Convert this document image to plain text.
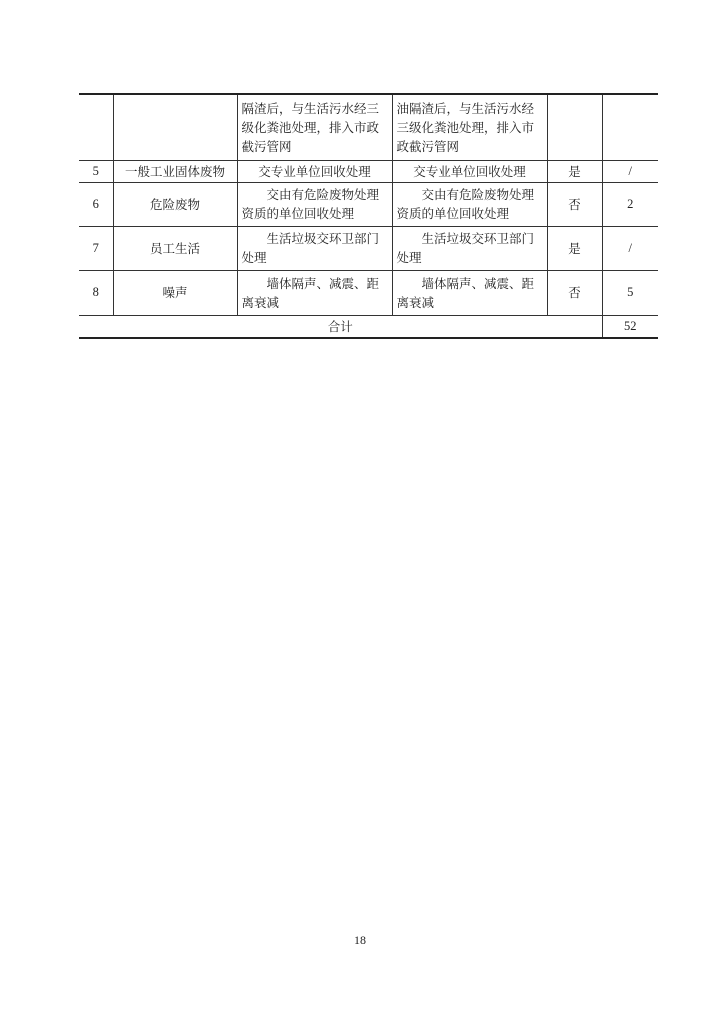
		隔渣后，与生活污水经三级化粪池处理，排入市政截污管网	油隔渣后，与生活污水经三级化粪池处理，排入市政截污管网		
5	一般工业固体废物	交专业单位回收处理	交专业单位回收处理	是	/
6	危险废物	交由有危险废物处理资质的单位回收处理	交由有危险废物处理资质的单位回收处理	否	2
7	员工生活	生活垃圾交环卫部门处理	生活垃圾交环卫部门处理	是	/
8	噪声	墙体隔声、减震、距离衰减	墙体隔声、减震、距离衰减	否	5
合计					52
18
